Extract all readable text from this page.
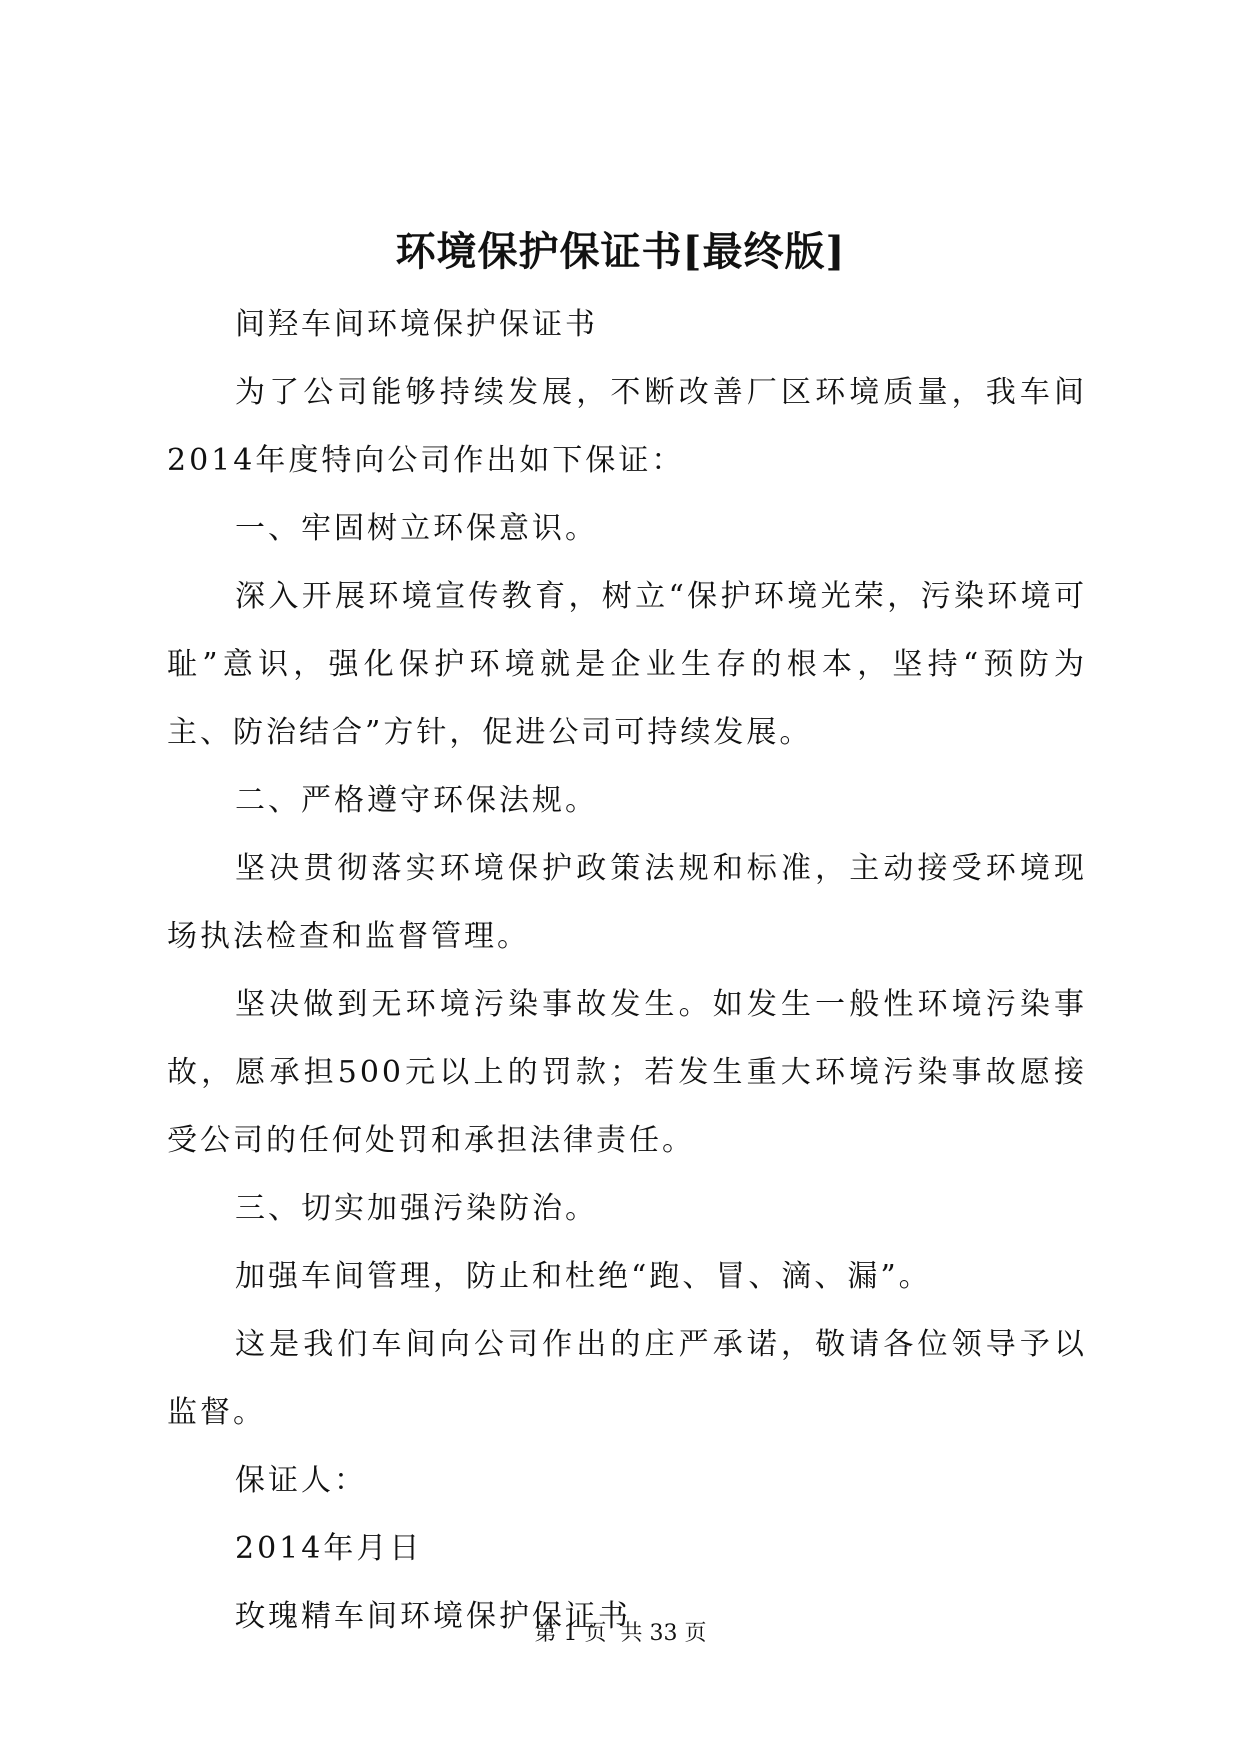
环境保护保证书[最终版]

间羟车间环境保护保证书

为了公司能够持续发展，不断改善厂区环境质量，我车间2014年度特向公司作出如下保证：

一、牢固树立环保意识。

深入开展环境宣传教育，树立“保护环境光荣，污染环境可耻”意识，强化保护环境就是企业生存的根本，坚持“预防为主、防治结合”方针，促进公司可持续发展。

二、严格遵守环保法规。

坚决贯彻落实环境保护政策法规和标准，主动接受环境现场执法检查和监督管理。

坚决做到无环境污染事故发生。如发生一般性环境污染事故，愿承担500元以上的罚款；若发生重大环境污染事故愿接受公司的任何处罚和承担法律责任。

三、切实加强污染防治。

加强车间管理，防止和杜绝“跑、冒、滴、漏”。

这是我们车间向公司作出的庄严承诺，敬请各位领导予以监督。

保证人：

2014年月日

玫瑰精车间环境保护保证书

第 1 页  共 33 页
